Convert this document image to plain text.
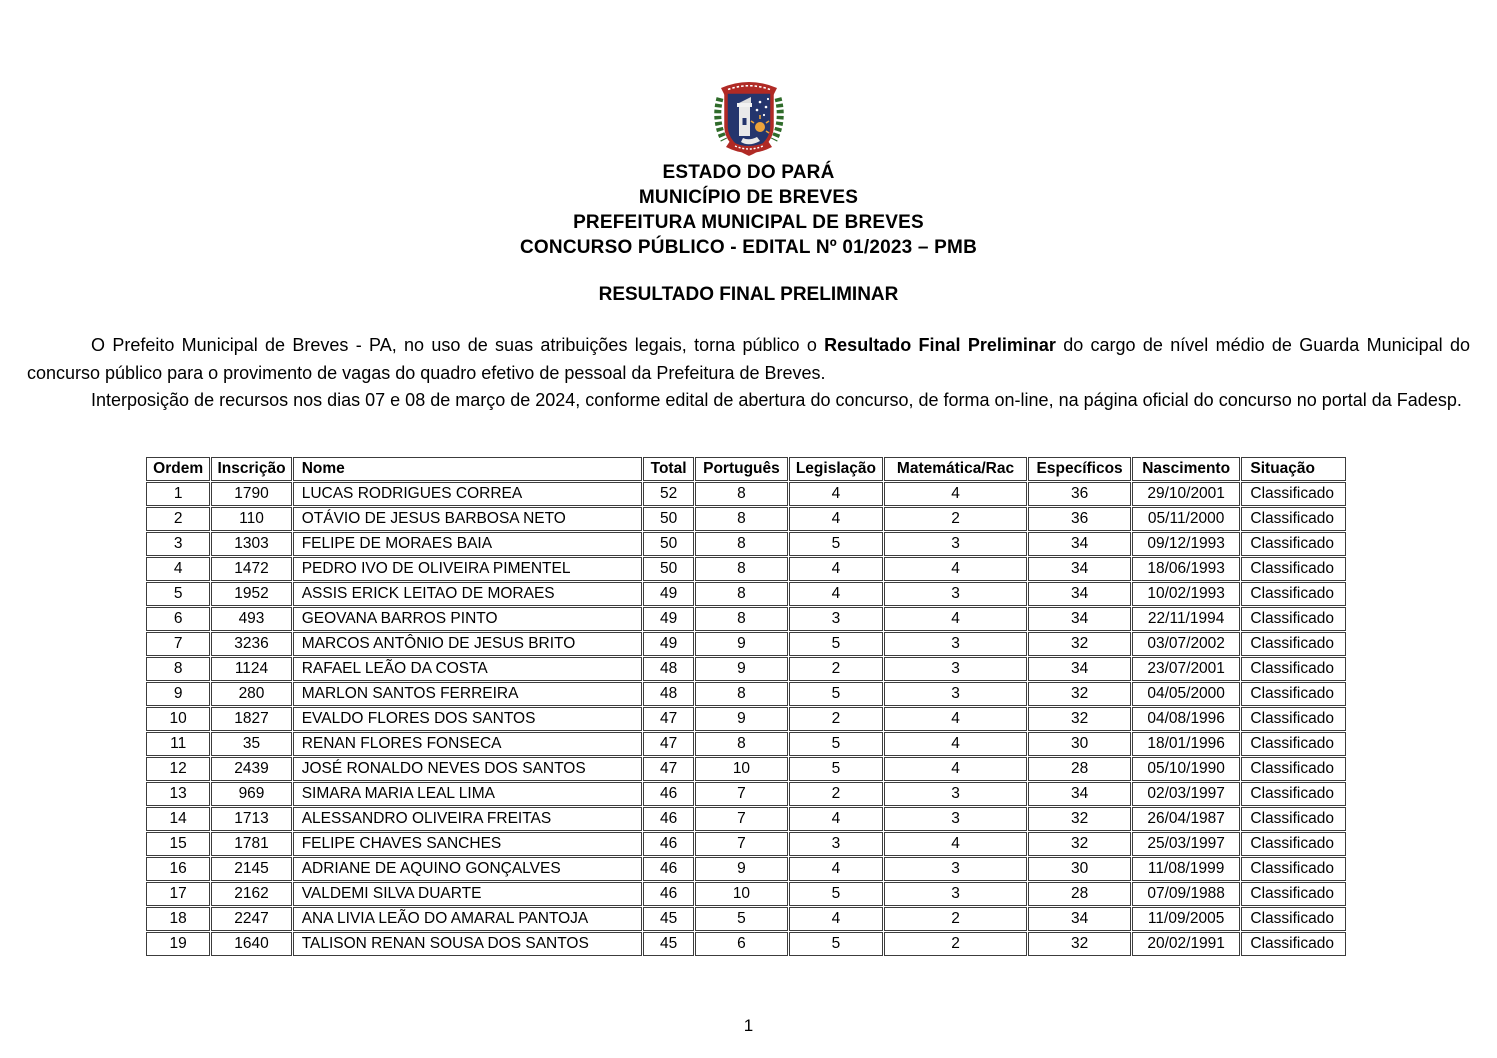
ESTADO DO PARÁ
MUNICÍPIO DE BREVES
PREFEITURA MUNICIPAL DE BREVES
CONCURSO PÚBLICO - EDITAL Nº 01/2023 – PMB
RESULTADO FINAL PRELIMINAR

O Prefeito Municipal de Breves - PA, no uso de suas atribuições legais, torna público o Resultado Final Preliminar do cargo de nível médio de Guarda Municipal do concurso público para o provimento de vagas do quadro efetivo de pessoal da Prefeitura de Breves.

Interposição de recursos nos dias 07 e 08 de março de 2024, conforme edital de abertura do concurso, de forma on-line, na página oficial do concurso no portal da Fadesp.

Ordem	Inscrição	Nome	Total	Português	Legislação	Matemática/Rac	Específicos	Nascimento	Situação
1	1790	LUCAS RODRIGUES CORREA	52	8	4	4	36	29/10/2001	Classificado
2	110	OTÁVIO DE JESUS BARBOSA NETO	50	8	4	2	36	05/11/2000	Classificado
3	1303	FELIPE DE MORAES BAIA	50	8	5	3	34	09/12/1993	Classificado
4	1472	PEDRO IVO DE OLIVEIRA PIMENTEL	50	8	4	4	34	18/06/1993	Classificado
5	1952	ASSIS ERICK LEITAO DE MORAES	49	8	4	3	34	10/02/1993	Classificado
6	493	GEOVANA BARROS PINTO	49	8	3	4	34	22/11/1994	Classificado
7	3236	MARCOS ANTÔNIO DE JESUS BRITO	49	9	5	3	32	03/07/2002	Classificado
8	1124	RAFAEL LEÃO DA COSTA	48	9	2	3	34	23/07/2001	Classificado
9	280	MARLON SANTOS FERREIRA	48	8	5	3	32	04/05/2000	Classificado
10	1827	EVALDO FLORES DOS SANTOS	47	9	2	4	32	04/08/1996	Classificado
11	35	RENAN FLORES FONSECA	47	8	5	4	30	18/01/1996	Classificado
12	2439	JOSÉ RONALDO NEVES DOS SANTOS	47	10	5	4	28	05/10/1990	Classificado
13	969	SIMARA MARIA LEAL LIMA	46	7	2	3	34	02/03/1997	Classificado
14	1713	ALESSANDRO OLIVEIRA FREITAS	46	7	4	3	32	26/04/1987	Classificado
15	1781	FELIPE CHAVES SANCHES	46	7	3	4	32	25/03/1997	Classificado
16	2145	ADRIANE DE AQUINO GONÇALVES	46	9	4	3	30	11/08/1999	Classificado
17	2162	VALDEMI SILVA DUARTE	46	10	5	3	28	07/09/1988	Classificado
18	2247	ANA LIVIA LEÃO DO AMARAL PANTOJA	45	5	4	2	34	11/09/2005	Classificado
19	1640	TALISON RENAN SOUSA DOS SANTOS	45	6	5	2	32	20/02/1991	Classificado
1
